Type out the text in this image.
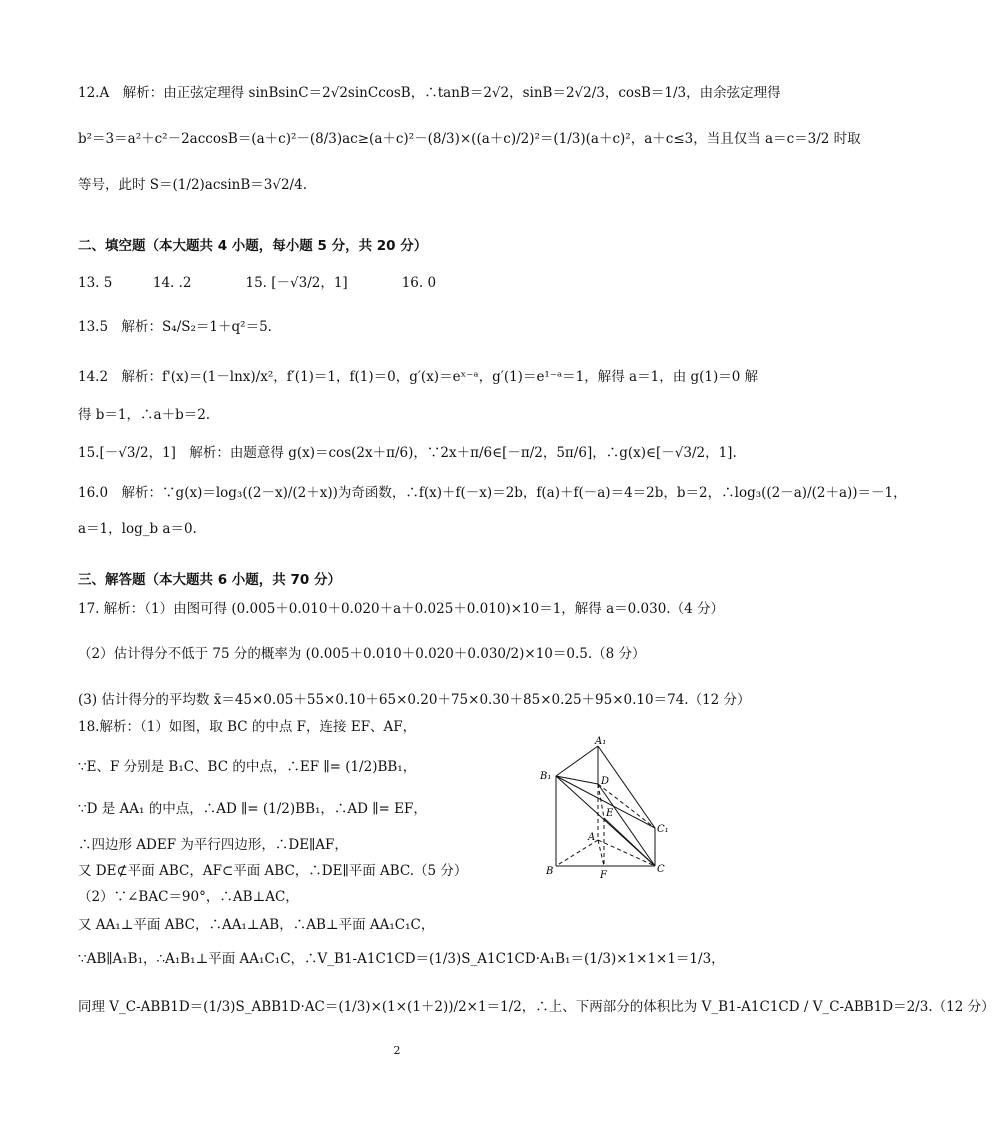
12.A　解析：由正弦定理得 sinBsinC＝2√2sinCcosB，∴tanB＝2√2，sinB＝2√2/3，cosB＝1/3，由余弦定理得
b²＝3＝a²＋c²－2accosB＝(a＋c)²－(8/3)ac≥(a＋c)²－(8/3)×((a＋c)/2)²＝(1/3)(a＋c)²，a＋c≤3，当且仅当 a＝c＝3/2 时取
等号，此时 S＝(1/2)acsinB＝3√2/4.
二、填空题（本大题共 4 小题，每小题 5 分，共 20 分）
13. 5　　　14. .2　　　　15. [－√3/2，1]　　　　16. 0
13.5　解析：S₄/S₂＝1＋q²＝5.
14.2　解析：f'(x)＝(1－lnx)/x²，f′(1)＝1，f(1)＝0，g′(x)＝eˣ⁻ᵃ，g′(1)＝e¹⁻ᵃ＝1，解得 a＝1，由 g(1)＝0 解
得 b＝1，∴a＋b＝2.
15.[－√3/2，1]　解析：由题意得 g(x)＝cos(2x＋π/6)，∵2x＋π/6∈[－π/2，5π/6]，∴g(x)∈[－√3/2，1].
16.0　解析：∵g(x)＝log₃((2－x)/(2＋x))为奇函数，∴f(x)＋f(－x)＝2b，f(a)＋f(－a)＝4＝2b，b＝2，∴log₃((2－a)/(2＋a))＝－1，
a＝1，log_b a＝0.
三、解答题（本大题共 6 小题，共 70 分）
17. 解析：（1）由图可得 (0.005＋0.010＋0.020＋a＋0.025＋0.010)×10＝1，解得 a＝0.030.（4 分）
（2）估计得分不低于 75 分的概率为 (0.005＋0.010＋0.020＋0.030/2)×10＝0.5.（8 分）
(3) 估计得分的平均数 x̄＝45×0.05＋55×0.10＋65×0.20＋75×0.30＋85×0.25＋95×0.10＝74.（12 分）
18.解析：（1）如图，取 BC 的中点 F，连接 EF、AF，
∵E、F 分别是 B₁C、BC 的中点，∴EF ∥= (1/2)BB₁，
∵D 是 AA₁ 的中点，∴AD ∥= (1/2)BB₁，∴AD ∥= EF，
∴四边形 ADEF 为平行四边形，∴DE∥AF，
又 DE⊄平面 ABC，AF⊂平面 ABC，∴DE∥平面 ABC.（5 分）
（2）∵∠BAC＝90°，∴AB⊥AC，
又 AA₁⊥平面 ABC，∴AA₁⊥AB，∴AB⊥平面 AA₁C₁C，
∵AB∥A₁B₁，∴A₁B₁⊥平面 AA₁C₁C，∴V_B1-A1C1CD＝(1/3)S_A1C1CD·A₁B₁＝(1/3)×1×1×1＝1/3，
同理 V_C-ABB1D＝(1/3)S_ABB1D·AC＝(1/3)×(1×(1＋2))/2×1＝1/2，∴上、下两部分的体积比为 V_B1-A1C1CD / V_C-ABB1D＝2/3.（12 分）
A₁
B₁	D
E
A
C₁
B	F
C
2
